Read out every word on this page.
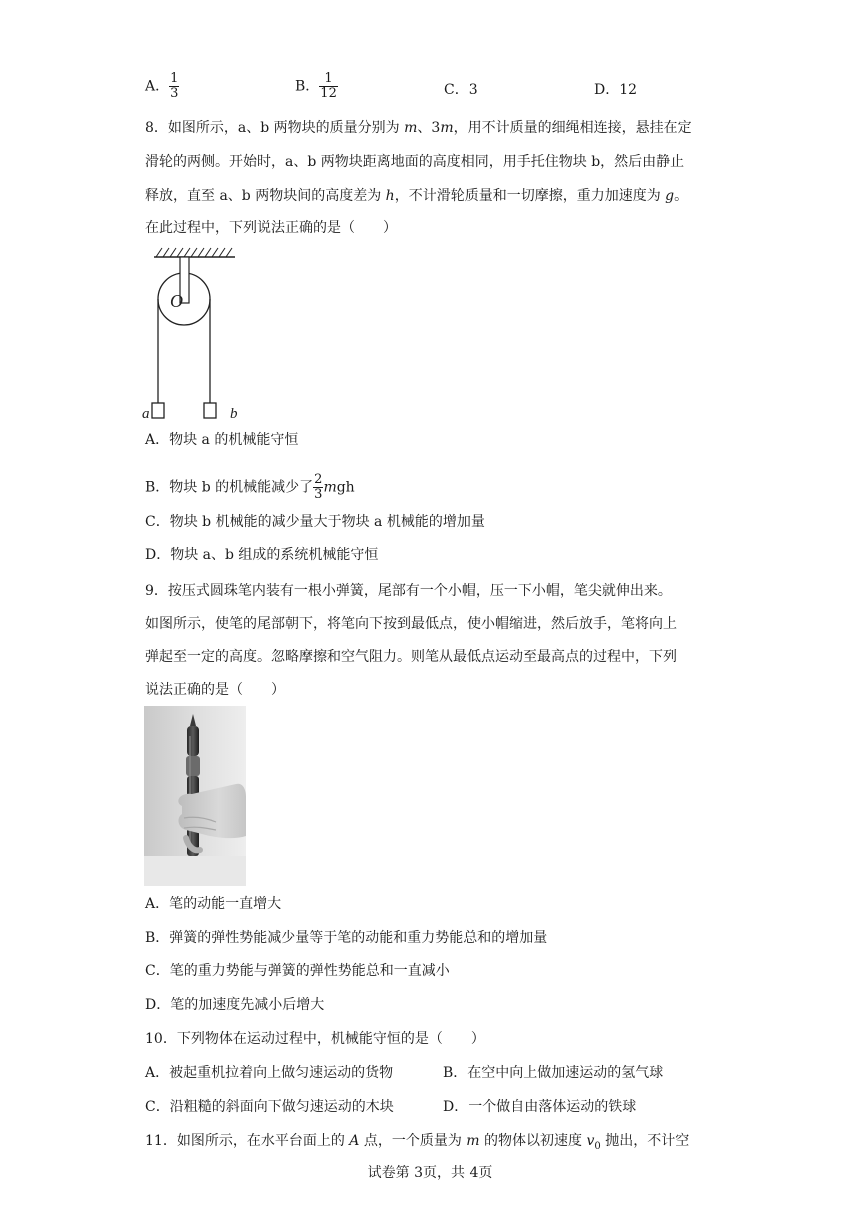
A． $\frac{1}{3}$	B． $\frac{1}{12}$	C．3	D．12
8．如图所示，a、b 两物块的质量分别为 m、3m，用不计质量的细绳相连接，悬挂在定
滑轮的两侧。开始时，a、b 两物块距离地面的高度相同，用手托住物块 b，然后由静止
释放，直至 a、b 两物块间的高度差为 h，不计滑轮质量和一切摩擦，重力加速度为 g。
在此过程中，下列说法正确的是（　　）
O
a	b
A．物块 a 的机械能守恒
B．物块 b 的机械能减少了 $\frac{2}{3}$ mgh
C．物块 b 机械能的减少量大于物块 a 机械能的增加量
D．物块 a、b 组成的系统机械能守恒
9．按压式圆珠笔内装有一根小弹簧，尾部有一个小帽，压一下小帽，笔尖就伸出来。
如图所示，使笔的尾部朝下，将笔向下按到最低点，使小帽缩进，然后放手，笔将向上
弹起至一定的高度。忽略摩擦和空气阻力。则笔从最低点运动至最高点的过程中，下列
说法正确的是（　　）
A．笔的动能一直增大
B．弹簧的弹性势能减少量等于笔的动能和重力势能总和的增加量
C．笔的重力势能与弹簧的弹性势能总和一直减小
D．笔的加速度先减小后增大
10．下列物体在运动过程中，机械能守恒的是（　　）
A．被起重机拉着向上做匀速运动的货物	B．在空中向上做加速运动的氢气球
C．沿粗糙的斜面向下做匀速运动的木块	D．一个做自由落体运动的铁球
11．如图所示，在水平台面上的 A 点，一个质量为 m 的物体以初速度 $v_0$ 抛出，不计空
试卷第 3页，共 4页
